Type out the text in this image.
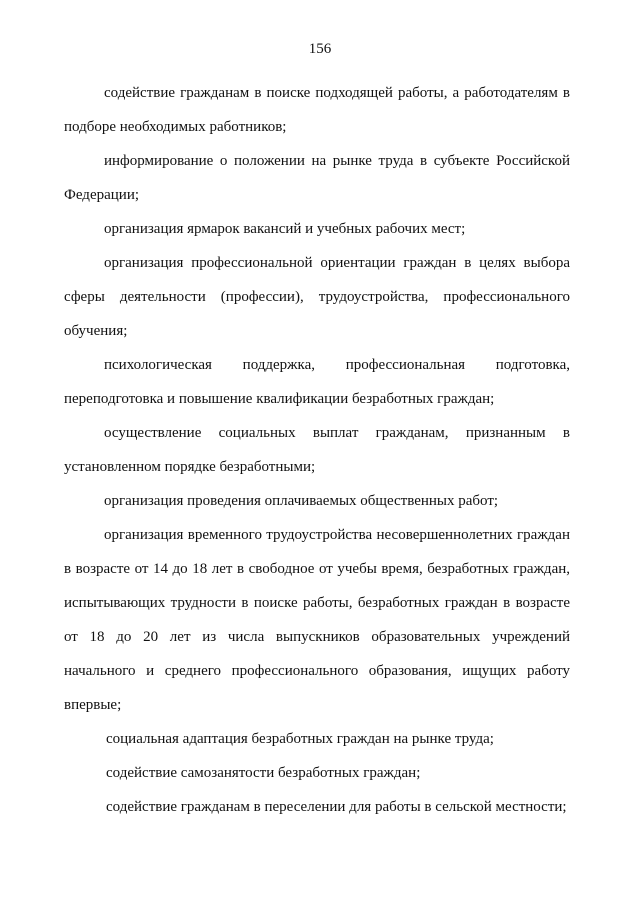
156

содействие гражданам в поиске подходящей работы, а работодателям в подборе необходимых работников;

информирование о положении на рынке труда в субъекте Российской Федерации;

организация ярмарок вакансий и учебных рабочих мест;

организация профессиональной ориентации граждан в целях выбора сферы деятельности (профессии), трудоустройства, профессионального обучения;

психологическая поддержка, профессиональная подготовка, переподготовка и повышение квалификации безработных граждан;

осуществление социальных выплат гражданам, признанным в установленном порядке безработными;

организация проведения оплачиваемых общественных работ;

организация временного трудоустройства несовершеннолетних граждан в возрасте от 14 до 18 лет в свободное от учебы время, безработных граждан, испытывающих трудности в поиске работы, безработных граждан в возрасте от 18 до 20 лет из числа выпускников образовательных учреждений начального и среднего профессионального образования, ищущих работу впервые;

социальная адаптация безработных граждан на рынке труда;

содействие самозанятости безработных граждан;

содействие гражданам в переселении для работы в сельской местности;
